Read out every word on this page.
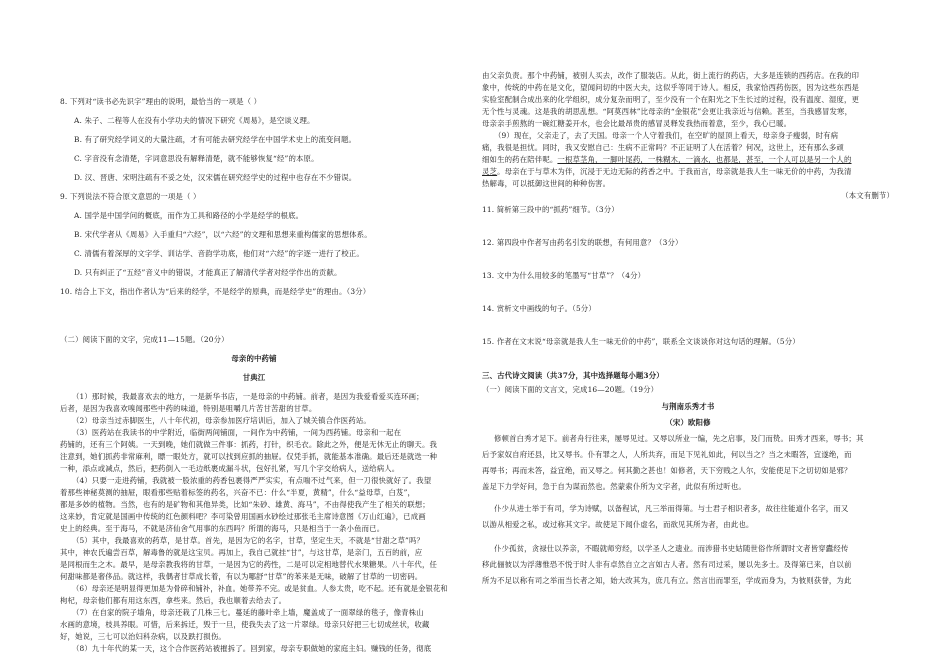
8. 下列对“读书必先识字”理由的说明，最恰当的一项是（ ）
A. 朱子、二程等人在没有小学功夫的情况下研究《周易》，是空谈义理。
B. 有了研究经学词义的大量注疏，才有可能去研究经学在中国学术史上的流变问题。
C. 字音没有念清楚，字词意思没有解释清楚，就不能够恢复“经”的本原。
D. 汉、晋唐、宋明注疏有不妥之处，汉宋儒在研究经学史的过程中也存在不少错误。
9. 下列说法不符合原文意思的一项是（ ）
A. 国学是中国学问的概底，而作为工具和路径的小学是经学的根底。
B. 宋代学者从《周易》入手重归“六经”，以“六经”的文理和思想来重构儒家的思想体系。
C. 清儒有着深厚的文字学、训诂学、音韵学功底，他们对“六经”的字逐一进行了校正。
D. 只有纠正了“五经”音义中的错误，才能真正了解清代学者对经学作出的贡献。
10. 结合上下文，指出作者认为“后来的经学，不是经学的原典，而是经学史”的理由。（3分）
（二）阅读下面的文字，完成11—15题。（20分）
母亲的中药铺
甘典江
（1）那时候，我最喜欢去的地方，一是新华书店，一是母亲的中药铺。前者，是因为我爱看爱买连环画；
后者，是因为我喜欢嗅闻那些中药的味道，特别是咀嚼几片苦甘苦甜的甘草。
（2）母亲当过赤脚医生，八十年代初，母亲参加医疗培训后，加入了城关镇合作医药站。
（3）医药站在我读书的中学附近，临街两间铺面，一间作为中药铺，一间为西药铺。母亲和一起在
药铺的，还有三个阿姨。一天到晚，她们就做三件事：抓药，打针，织毛衣。除此之外，便是无休无止的聊天。我
注意到，她们抓药非常麻利，瞟一眼处方，就可以找到应抓的抽屉。仅凭手抓，就能基本准确。最后还是就迭一种
一种，添点或减点，然后，把药倒入一毛边纸裹成漏斗状，包好扎紧，写几个字交给病人，送给病人。
（4）只要一走进药铺，我就被一股浓重的药香包裹得严严实实，有点喘不过气来，但一刀很快就好了。我望
着那些神秘莫测的抽屉，眼看那些贴着标签的药名，兴奋不已：什么“半夏，黄精”，什么“益母草，白芨”，
都是多妙的植物。当然，也有的是矿物和其他异类，比如“朱砂、雄黄、海马”，不由得使我产生了相关的联想；
这来妙，肯定就是国画中传统的红色颜料吧？李可染曾用国画水砂绘过那张毛主席诗意图《万山红遍》，已成画
史上的经典。至于海马，不就是济仙舍气用事的东西吗？所谓的海马，只是相当于一条小鱼而已。
（5）其中，我最喜欢的药草，是甘草。首先，是因为它的名字，甘草，坚定生天，不就是“甘甜之草”吗？
其中，神农氏遍尝百草，解毒鲁的就是这宝贝。再加上，我自己就挂“甘”，与这甘草，是亲门，五百的前，应
是同根而生之木。最早，是母亲教我将的甘草，一是因为它的药性，二是可以定相地替代水果糖果。八十年代，任
何甜味都是奢侈品。就这样，我偶者甘草成长着，有以为哪舒“甘草”的苯来是无味，破解了甘草的一切密码。
（6）母亲还是明显得更加是为骨碎和铺补，补血。她带养不完。或是贫血。人参太贵，吃不起。还有就是金银花和
枸杞，母亲他们都有用这东西，拿些来。然后，我也顺着去给去了。
（7）在自家的院子墙角，母亲还栽了几株三七。蔓延的藤叶牵上墙，魔盖成了一面翠绿的毯子，像青株山
水画的意境，枝具养眼。可惜，后来拆迁，毁于一旦，使我失去了这一片翠绿。母亲只好把三七切成丝状，收藏
好，她说，三七可以治妇科杂病，以及跌打损伤。
（8）九十年代的某一天，这个合作医药站被摧拆了。回到家，母亲专职做她的家庭主妇。赚钱的任务，彻底
由父亲负责。那个中药铺，被别人买去，改作了服装店。从此，街上流行的药店，大多是连锁的西药店。在我的印
象中，传统的中药在是文化，望闻问切的中医大夫，这似乎等同于诗人。相反，我家恰西药伤医，因为这些东西是
实验室配制合成出来的化学组织，成分复杂而明了，至少没有一个在阳光之下生长过的过程，没有温度、湿度，更
无个性与灵魂。这是我的胡思乱想。“阿莫西林”比母亲的“金银花”会更让我亲近与信赖。甚至，当我感冒发寒，
母亲亲手煎熬的一碗红糖姜开水，也会比最昂贵的感冒灵释发我热而着意，至少，我心已暖。
（9）现在，父亲走了，去了天国。母亲一个人守着我们，在空旷的屋顶上看天，母亲身子瘦弱，时有病
痛，我很是担忧。同时，我又安慰自己：生病不正常吗？不正证明了人在活着？何况，这世上，还有那么多顽
细如生的药在陪伴呢。一根草茎角，一脚叶尾药，一株糊木，一滴水，也都是，甚至，一个人可以是另一个人的
灵芝。母亲在于与草木为伴，沉浸于无边无际的药香之中。于我而言，母亲就是我人生一味无价的中药，为我清
热解毒，可以抵御这世间的种种伤害。
（本文有删节）
11. 简析第三段中的“抓药”细节。（3分）
12. 第四段中作者写由药名引发的联想，有何用意？（3分）
13. 文中为什么用较多的笔墨写“甘草”？（4分）
14. 赏析文中画线的句子。（5分）
15. 作者在文末说“母亲就是我人生一味无价的中药”，联系全文谈谈你对这句话的理解。（5分）
三、古代诗文阅读（共37分，其中选择题每小题3分）
（一）阅读下面的文言文，完成16—20题。（19分）
与荆南乐秀才书
（宋）欧阳修
修顿首白秀才足下。前者舟行往来，屡辱见过。又辱以所业一编，先之启事，及门而贽。田秀才西来，辱书；其
后予家奴自府还县，比又辱书。仆有罪之人，人所共弃，而足下见礼如此，何以当之？当之未暇答，宜遂绝，而
再辱书；再而未答，益宜绝，而又辱之。何其勤之甚也！如修者，天下穷贱之人尔，安能使足下之切切如是邪？
盖足下力学好问，急于自为谋而然也。然蒙索仆所为文字者，此似有所过听也。
仆少从进士举于有司，学为诗赋，以备程试，凡三举而得第。与士君子相识者多，故往往能道仆名字，而又
以游从相爱之私，或过称其文字。故使足下闻仆虚名，而欲见其所为者，由此也。
仆少孤贫，贪禄仕以养亲，不暇就师穷经，以学圣人之遗业。而涉猎书史姑随世俗作所谓时文者皆穿蠹经传
移此俪彼以为浮薄惟恐不悦于时人非有卓然自立之言如古人者。然有司过采，屡以先多士。及得第已来，自以前
所为不足以称有司之举而当长者之知，始大改其为，庶几有立。然言出而罪至，学成而身为，为彼则获誉，为此
